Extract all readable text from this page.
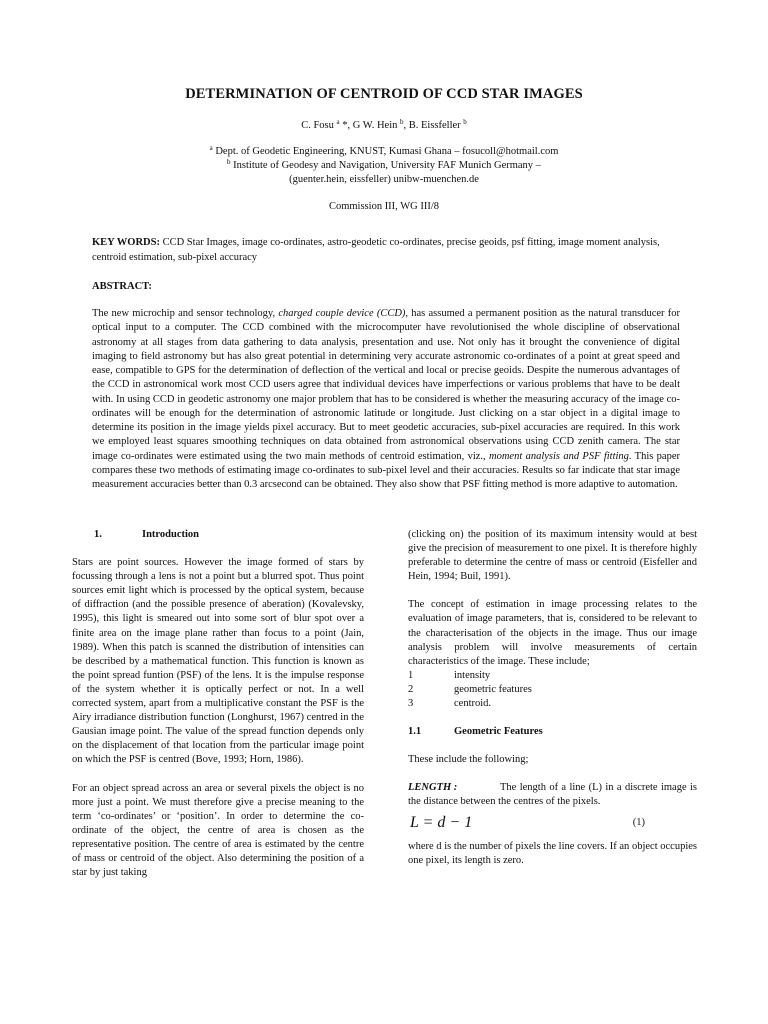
DETERMINATION OF CENTROID OF CCD STAR IMAGES
C. Fosu $^a$ *, G W. Hein $^b$, B. Eissfeller $^b$
$^a$ Dept. of Geodetic Engineering, KNUST, Kumasi Ghana – fosucoll@hotmail.com
$^b$ Institute of Geodesy and Navigation, University FAF Munich Germany –
(guenter.hein, eissfeller) unibw-muenchen.de
Commission III, WG III/8
KEY WORDS: CCD Star Images, image co-ordinates, astro-geodetic co-ordinates, precise geoids, psf fitting, image moment analysis, centroid estimation, sub-pixel accuracy
ABSTRACT:
The new microchip and sensor technology, charged couple device (CCD), has assumed a permanent position as the natural transducer for optical input to a computer. The CCD combined with the microcomputer have revolutionised the whole discipline of observational astronomy at all stages from data gathering to data analysis, presentation and use. Not only has it brought the convenience of digital imaging to field astronomy but has also great potential in determining very accurate astronomic co-ordinates of a point at great speed and ease, compatible to GPS for the determination of deflection of the vertical and local or precise geoids. Despite the numerous advantages of the CCD in astronomical work most CCD users agree that individual devices have imperfections or various problems that have to be dealt with. In using CCD in geodetic astronomy one major problem that has to be considered is whether the measuring accuracy of the image co-ordinates will be enough for the determination of astronomic latitude or longitude. Just clicking on a star object in a digital image to determine its position in the image yields pixel accuracy. But to meet geodetic accuracies, sub-pixel accuracies are required. In this work we employed least squares smoothing techniques on data obtained from astronomical observations using CCD zenith camera. The star image co-ordinates were estimated using the two main methods of centroid estimation, viz., moment analysis and PSF fitting. This paper compares these two methods of estimating image co-ordinates to sub-pixel level and their accuracies. Results so far indicate that star image measurement accuracies better than 0.3 arcsecond can be obtained. They also show that PSF fitting method is more adaptive to automation.
1.	Introduction

Stars are point sources. However the image formed of stars by focussing through a lens is not a point but a blurred spot. Thus point sources emit light which is processed by the optical system, because of diffraction (and the possible presence of aberation) (Kovalevsky, 1995), this light is smeared out into some sort of blur spot over a finite area on the image plane rather than focus to a point (Jain, 1989). When this patch is scanned the distribution of intensities can be described by a mathematical function. This function is known as the point spread funtion (PSF) of the lens. It is the impulse response of the system whether it is optically perfect or not. In a well corrected system, apart from a multiplicative constant the PSF is the Airy irradiance distribution function (Longhurst, 1967) centred in the Gausian image point. The value of the spread function depends only on the displacement of that location from the particular image point on which the PSF is centred (Bove, 1993; Horn, 1986).

For an object spread across an area or several pixels the object is no more just a point. We must therefore give a precise meaning to the term ‘co-ordinates’ or ‘position’. In order to determine the co-ordinate of the object, the centre of area is chosen as the representative position. The centre of area is estimated by the centre of mass or centroid of the object. Also determining the position of a star by just taking

(clicking on) the position of its maximum intensity would at best give the precision of measurement to one pixel. It is therefore highly preferable to determine the centre of mass or centroid (Eisfeller and Hein, 1994; Buil, 1991).

The concept of estimation in image processing relates to the evaluation of image parameters, that is, considered to be relevant to the characterisation of the objects in the image. Thus our image analysis problem will involve measurements of certain characteristics of the image. These include;

1	intensity
2	geometric features
3	centroid.
1.1	Geometric Features

These include the following;

LENGTH :	The length of a line (L) in a discrete image is the distance between the centres of the pixels.

L = d − 1	(1)

where d is the number of pixels the line covers. If an object occupies one pixel, its length is zero.
